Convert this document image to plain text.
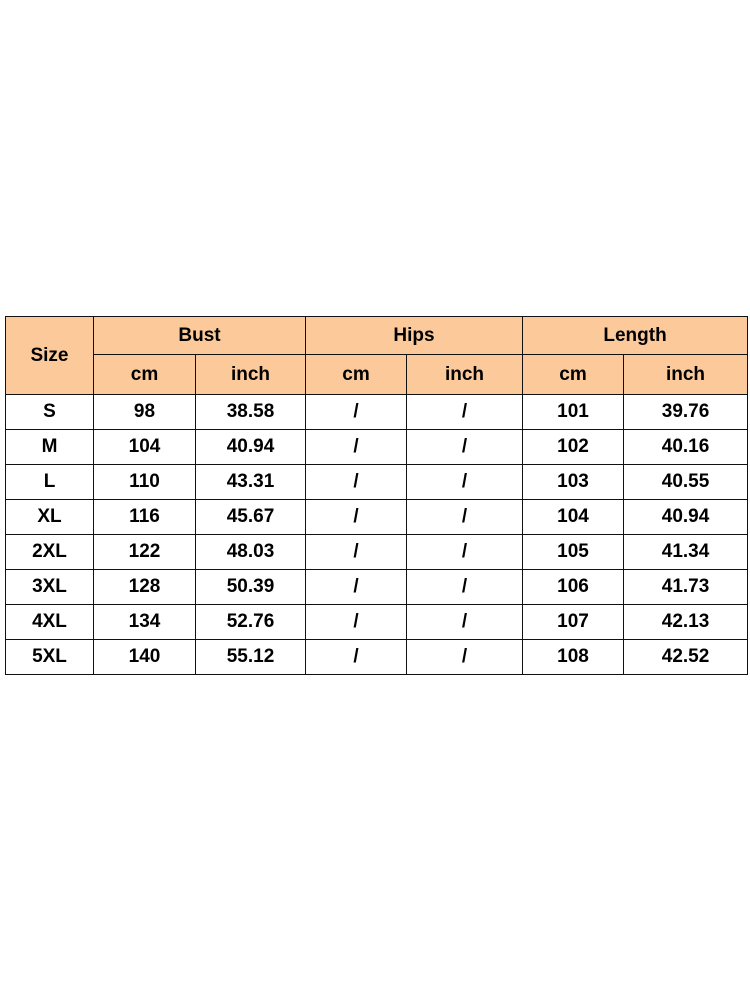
Size	Bust		Hips		Length	
	cm	inch	cm	inch	cm	inch
S	98	38.58	/	/	101	39.76
M	104	40.94	/	/	102	40.16
L	110	43.31	/	/	103	40.55
XL	116	45.67	/	/	104	40.94
2XL	122	48.03	/	/	105	41.34
3XL	128	50.39	/	/	106	41.73
4XL	134	52.76	/	/	107	42.13
5XL	140	55.12	/	/	108	42.52
